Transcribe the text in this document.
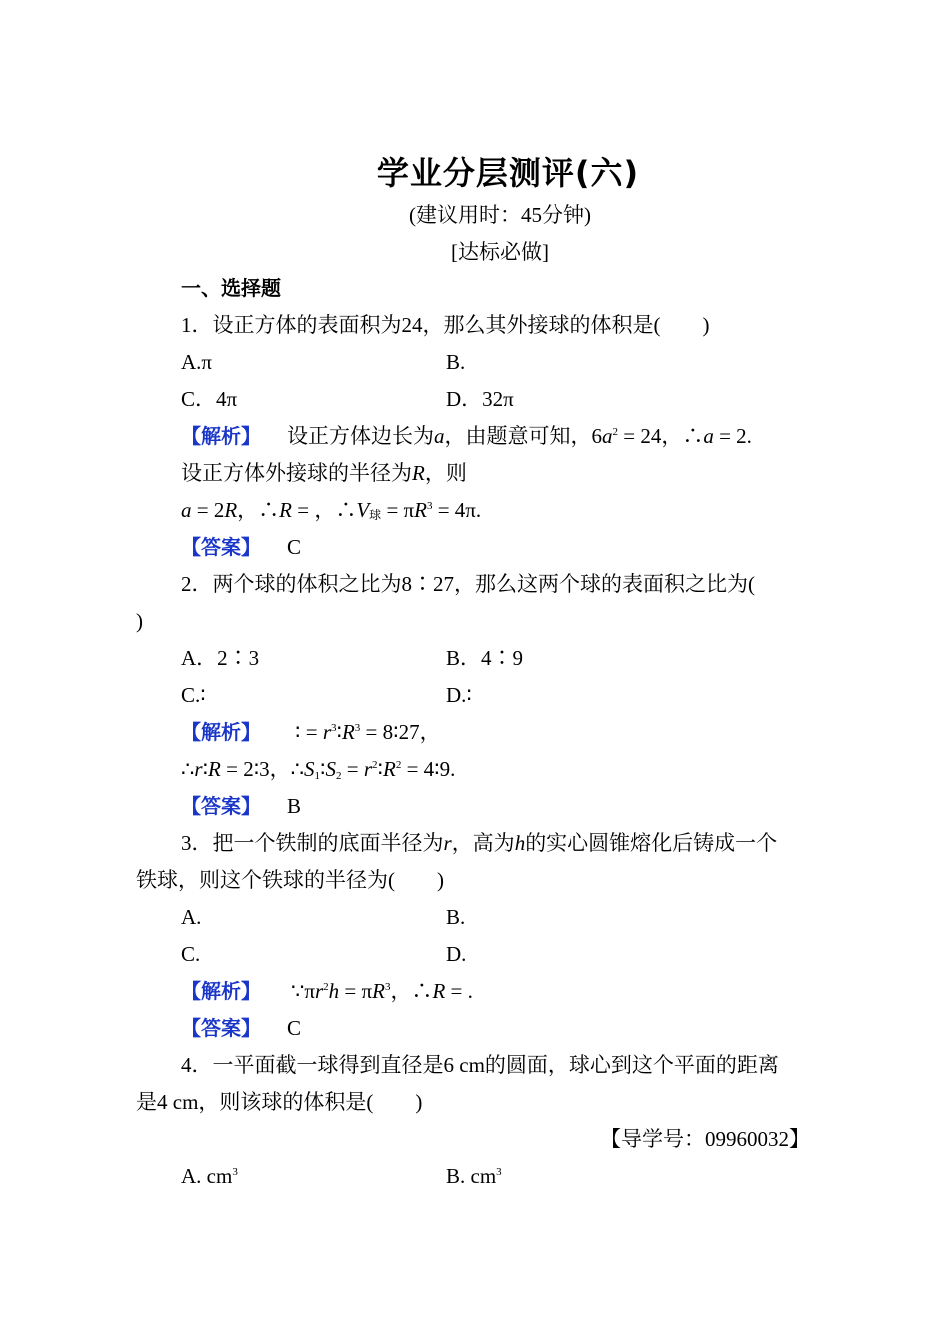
学业分层测评(六)
(建议用时：45分钟)
[达标必做]
一、选择题
1．设正方体的表面积为24，那么其外接球的体积是(　　)
A.π	B.
C．4π	D．32π
【解析】 设正方体边长为a，由题意可知，$6a^2 = 24$，∴a = 2.
设正方体外接球的半径为R，则
a = 2R，∴R = ，∴V球 = $\pi R^3 = 4\pi$.
【答案】 C
2．两个球的体积之比为8∶27，那么这两个球的表面积之比为(
)
A．2∶3	B．4∶9
C.∶	D.∶
【解析】 ∶ = $r^3∶R^3$ = 8∶27，
∴r∶R = 2∶3，$\therefore S_1∶S_2$ = $r^2∶R^2$ = 4∶9.
【答案】 B
3．把一个铁制的底面半径为r，高为h的实心圆锥熔化后铸成一个
铁球，则这个铁球的半径为(　　)
A.	B.
C.	D.
【解析】 $\because\pi r^2h = \pi R^3$，∴R = .
【答案】 C
4．一平面截一球得到直径是6 cm的圆面，球心到这个平面的距离
是4 cm，则该球的体积是(　　)
【导学号：09960032】
A. $cm^3$	B. $cm^3$
